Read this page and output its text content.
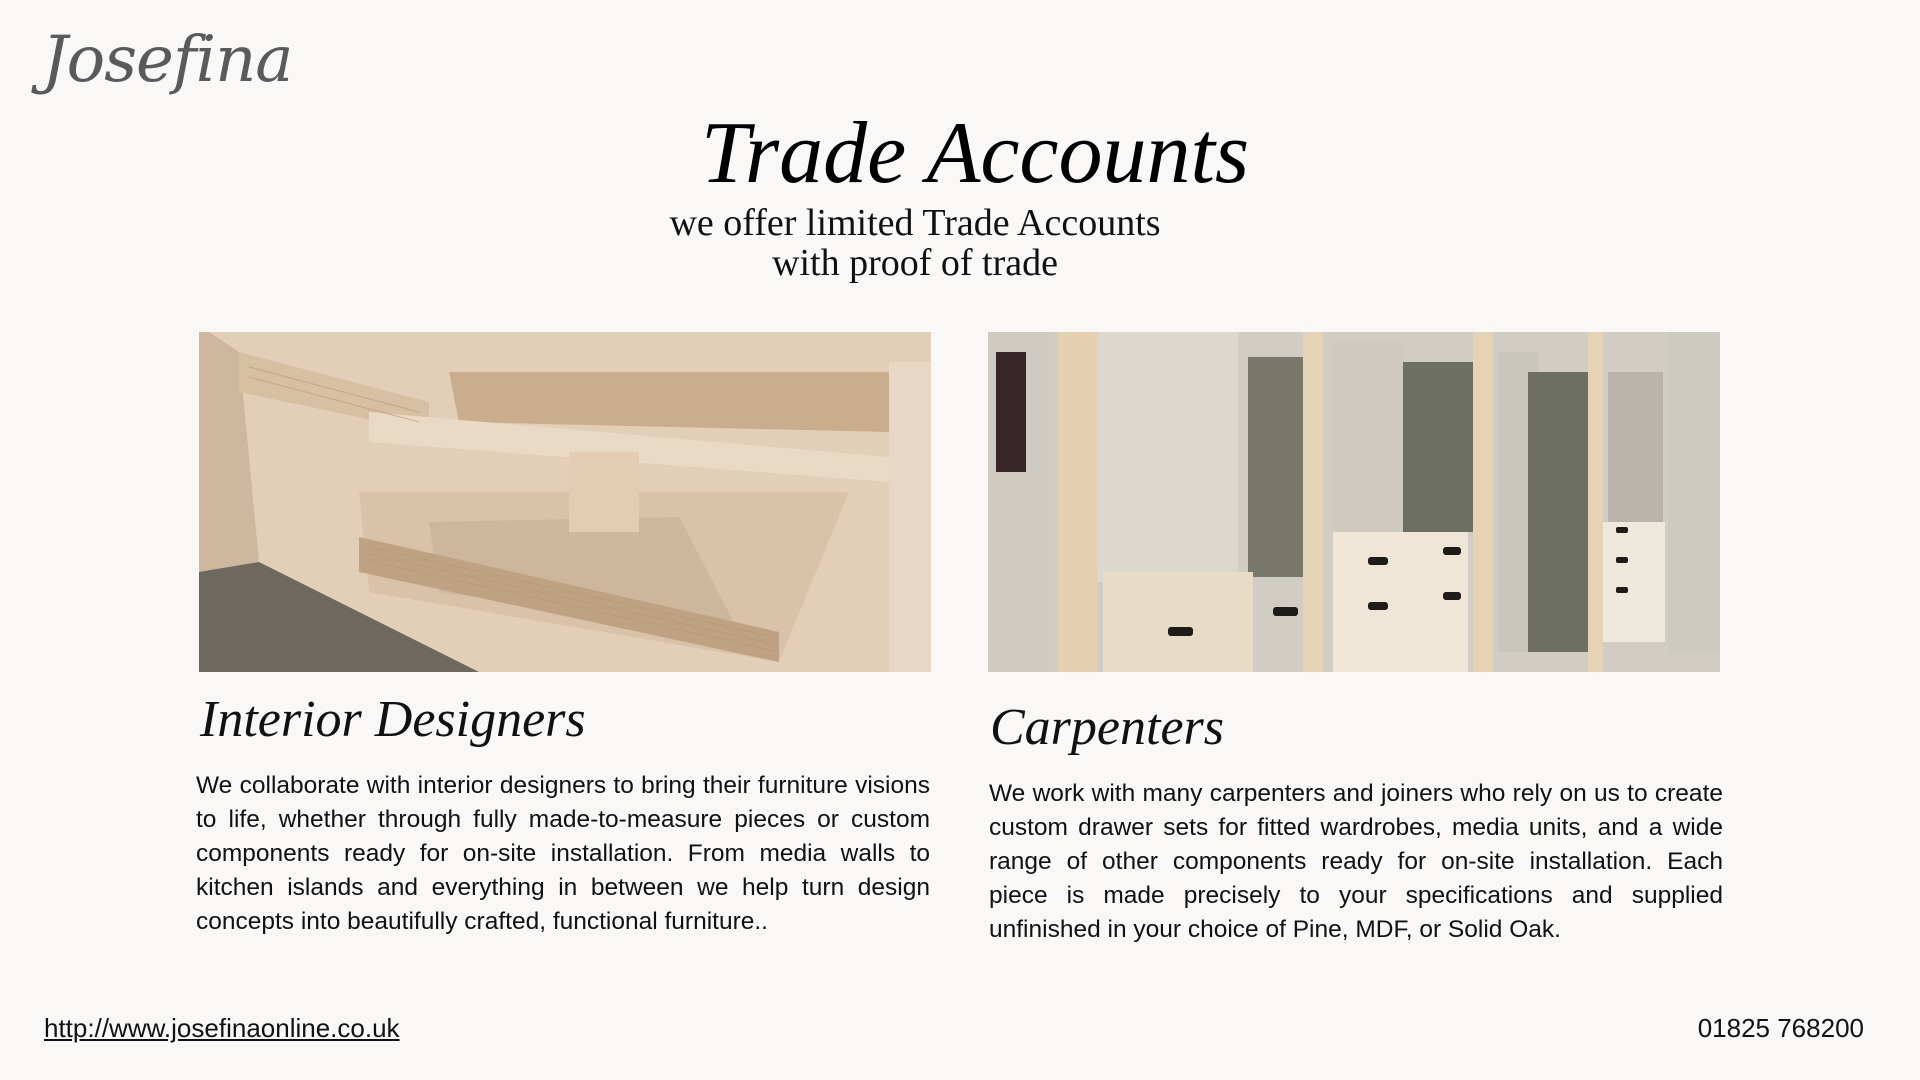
Josefina
Trade Accounts
we offer limited Trade Accounts
with proof of trade
Interior Designers

We collaborate with interior designers to bring their furniture visions to life, whether through fully made-to-measure pieces or custom components ready for on-site installation. From media walls to kitchen islands and everything in between we help turn design concepts into beautifully crafted, functional furniture..

Carpenters

We work with many carpenters and joiners who rely on us to create custom drawer sets for fitted wardrobes, media units, and a wide range of other components ready for on-site installation. Each piece is made precisely to your specifications and supplied unfinished in your choice of Pine, MDF, or Solid Oak.

http://www.josefinaonline.co.uk	01825 768200
